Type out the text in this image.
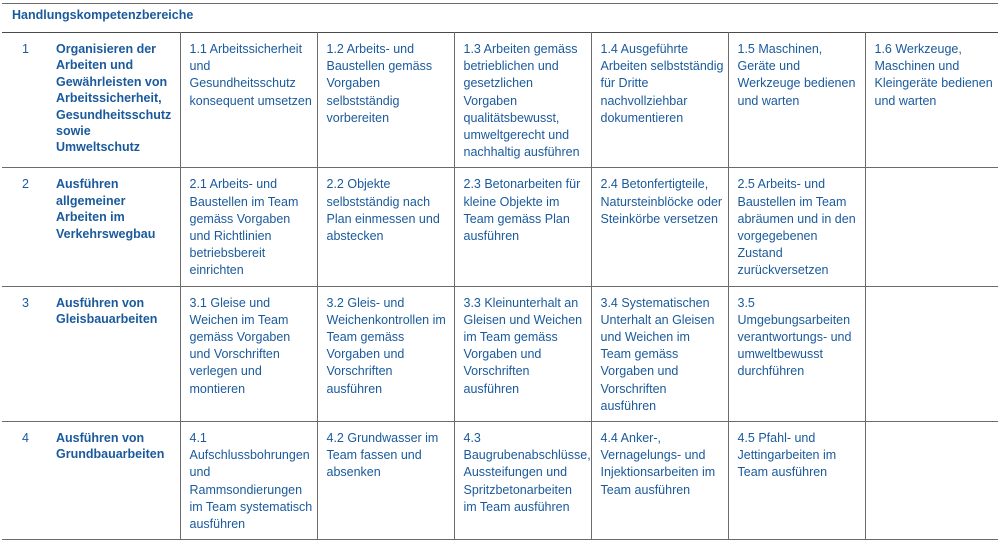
Handlungskompetenzbereiche
1	Organisieren der Arbeiten und Gewährleisten von Arbeitssicherheit, Gesundheitsschutz sowie Umweltschutz	1.1 Arbeitssicherheit und Gesundheitsschutz konsequent umsetzen	1.2 Arbeits- und Baustellen gemäss Vorgaben selbstständig vorbereiten	1.3 Arbeiten gemäss betrieblichen und gesetzlichen Vorgaben qualitätsbewusst, umweltgerecht und nachhaltig ausführen	1.4 Ausgeführte Arbeiten selbstständig für Dritte nachvollziehbar dokumentieren	1.5 Maschinen, Geräte und Werkzeuge bedienen und warten	1.6 Werkzeuge, Maschinen und Kleingeräte bedienen und warten
2	Ausführen allgemeiner Arbeiten im Verkehrswegbau	2.1 Arbeits- und Baustellen im Team gemäss Vorgaben und Richtlinien betriebsbereit einrichten	2.2 Objekte selbstständig nach Plan einmessen und abstecken	2.3 Betonarbeiten für kleine Objekte im Team gemäss Plan ausführen	2.4 Betonfertigteile, Natursteinblöcke oder Steinkörbe versetzen	2.5 Arbeits- und Baustellen im Team abräumen und in den vorgegebenen Zustand zurückversetzen	
3	Ausführen von Gleisbauarbeiten	3.1 Gleise und Weichen im Team gemäss Vorgaben und Vorschriften verlegen und montieren	3.2 Gleis- und Weichenkontrollen im Team gemäss Vorgaben und Vorschriften ausführen	3.3 Kleinunterhalt an Gleisen und Weichen im Team gemäss Vorgaben und Vorschriften ausführen	3.4 Systematischen Unterhalt an Gleisen und Weichen im Team gemäss Vorgaben und Vorschriften ausführen	3.5 Umgebungsarbeiten verantwortungs- und umweltbewusst durchführen	
4	Ausführen von Grundbauarbeiten	4.1 Aufschlussbohrungen und Rammsondierungen im Team systematisch ausführen	4.2 Grundwasser im Team fassen und absenken	4.3 Baugrubenabschlüsse, Aussteifungen und Spritzbetonarbeiten im Team ausführen	4.4 Anker-, Vernagelungs- und Injektionsarbeiten im Team ausführen	4.5 Pfahl- und Jettingarbeiten im Team ausführen	
